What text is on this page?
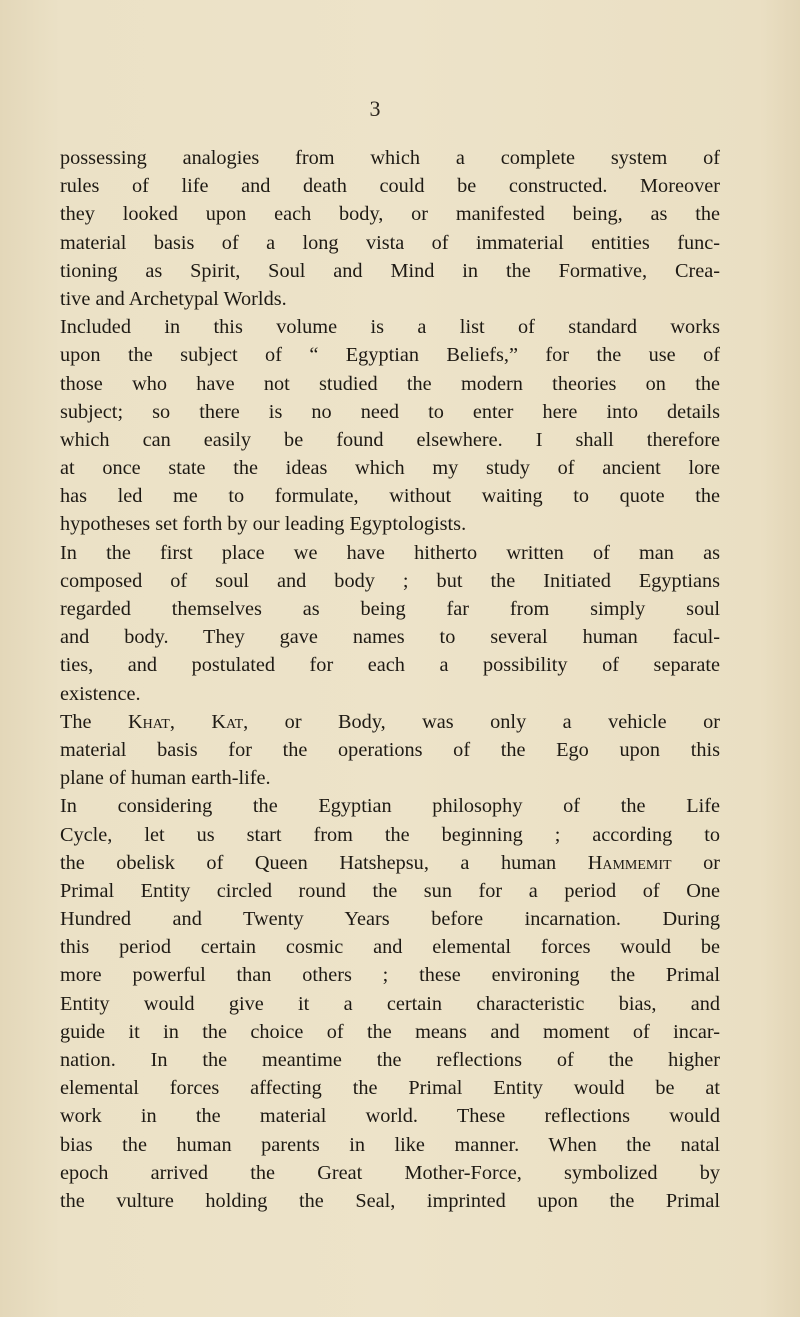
3
possessing analogies from which a complete system of
rules of life and death could be constructed. Moreover
they looked upon each body, or manifested being, as the
material basis of a long vista of immaterial entities func-
tioning as Spirit, Soul and Mind in the Formative, Crea-
tive and Archetypal Worlds.
Included in this volume is a list of standard works
upon the subject of “ Egyptian Beliefs,” for the use of
those who have not studied the modern theories on the
subject; so there is no need to enter here into details
which can easily be found elsewhere. I shall therefore
at once state the ideas which my study of ancient lore
has led me to formulate, without waiting to quote the
hypotheses set forth by our leading Egyptologists.
In the first place we have hitherto written of man as
composed of soul and body ; but the Initiated Egyptians
regarded themselves as being far from simply soul
and body. They gave names to several human facul-
ties, and postulated for each a possibility of separate
existence.
The Khat, Kat, or Body, was only a vehicle or
material basis for the operations of the Ego upon this
plane of human earth-life.
In considering the Egyptian philosophy of the Life
Cycle, let us start from the beginning ; according to
the obelisk of Queen Hatshepsu, a human Hammemit or
Primal Entity circled round the sun for a period of One
Hundred and Twenty Years before incarnation. During
this period certain cosmic and elemental forces would be
more powerful than others ; these environing the Primal
Entity would give it a certain characteristic bias, and
guide it in the choice of the means and moment of incar-
nation. In the meantime the reflections of the higher
elemental forces affecting the Primal Entity would be at
work in the material world. These reflections would
bias the human parents in like manner. When the natal
epoch arrived the Great Mother-Force, symbolized by
the vulture holding the Seal, imprinted upon the Primal
